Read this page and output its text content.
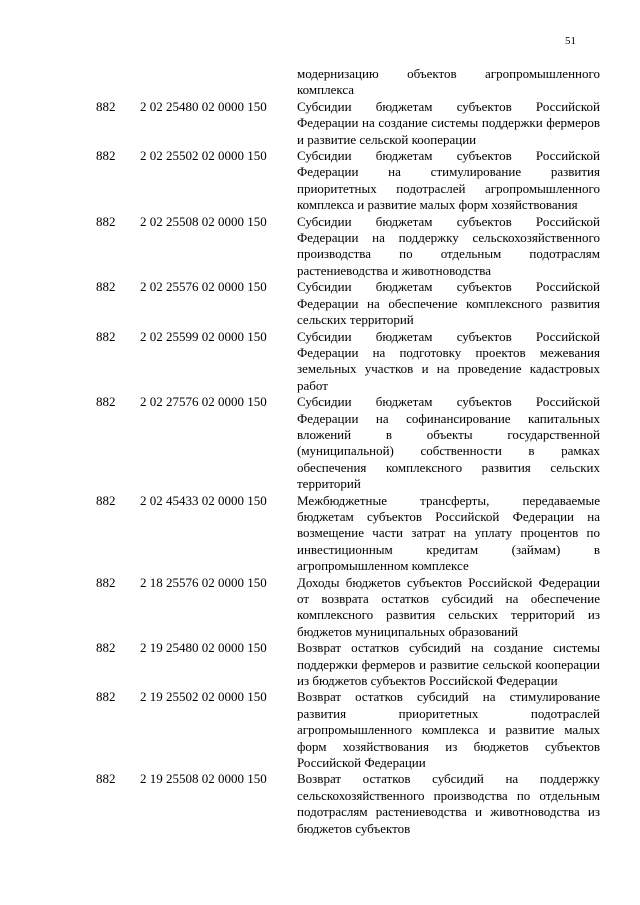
51
модернизацию объектов агропромышленного комплекса
882 2 02 25480 02 0000 150 Субсидии бюджетам субъектов Российской Федерации на создание системы поддержки фермеров и развитие сельской кооперации
882 2 02 25502 02 0000 150 Субсидии бюджетам субъектов Российской Федерации на стимулирование развития приоритетных подотраслей агропромышленного комплекса и развитие малых форм хозяйствования
882 2 02 25508 02 0000 150 Субсидии бюджетам субъектов Российской Федерации на поддержку сельскохозяйственного производства по отдельным подотраслям растениеводства и животноводства
882 2 02 25576 02 0000 150 Субсидии бюджетам субъектов Российской Федерации на обеспечение комплексного развития сельских территорий
882 2 02 25599 02 0000 150 Субсидии бюджетам субъектов Российской Федерации на подготовку проектов межевания земельных участков и на проведение кадастровых работ
882 2 02 27576 02 0000 150 Субсидии бюджетам субъектов Российской Федерации на софинансирование капитальных вложений в объекты государственной (муниципальной) собственности в рамках обеспечения комплексного развития сельских территорий
882 2 02 45433 02 0000 150 Межбюджетные трансферты, передаваемые бюджетам субъектов Российской Федерации на возмещение части затрат на уплату процентов по инвестиционным кредитам (займам) в агропромышленном комплексе
882 2 18 25576 02 0000 150 Доходы бюджетов субъектов Российской Федерации от возврата остатков субсидий на обеспечение комплексного развития сельских территорий из бюджетов муниципальных образований
882 2 19 25480 02 0000 150 Возврат остатков субсидий на создание системы поддержки фермеров и развитие сельской кооперации из бюджетов субъектов Российской Федерации
882 2 19 25502 02 0000 150 Возврат остатков субсидий на стимулирование развития приоритетных подотраслей агропромышленного комплекса и развитие малых форм хозяйствования из бюджетов субъектов Российской Федерации
882 2 19 25508 02 0000 150 Возврат остатков субсидий на поддержку сельскохозяйственного производства по отдельным подотраслям растениеводства и животноводства из бюджетов субъектов
